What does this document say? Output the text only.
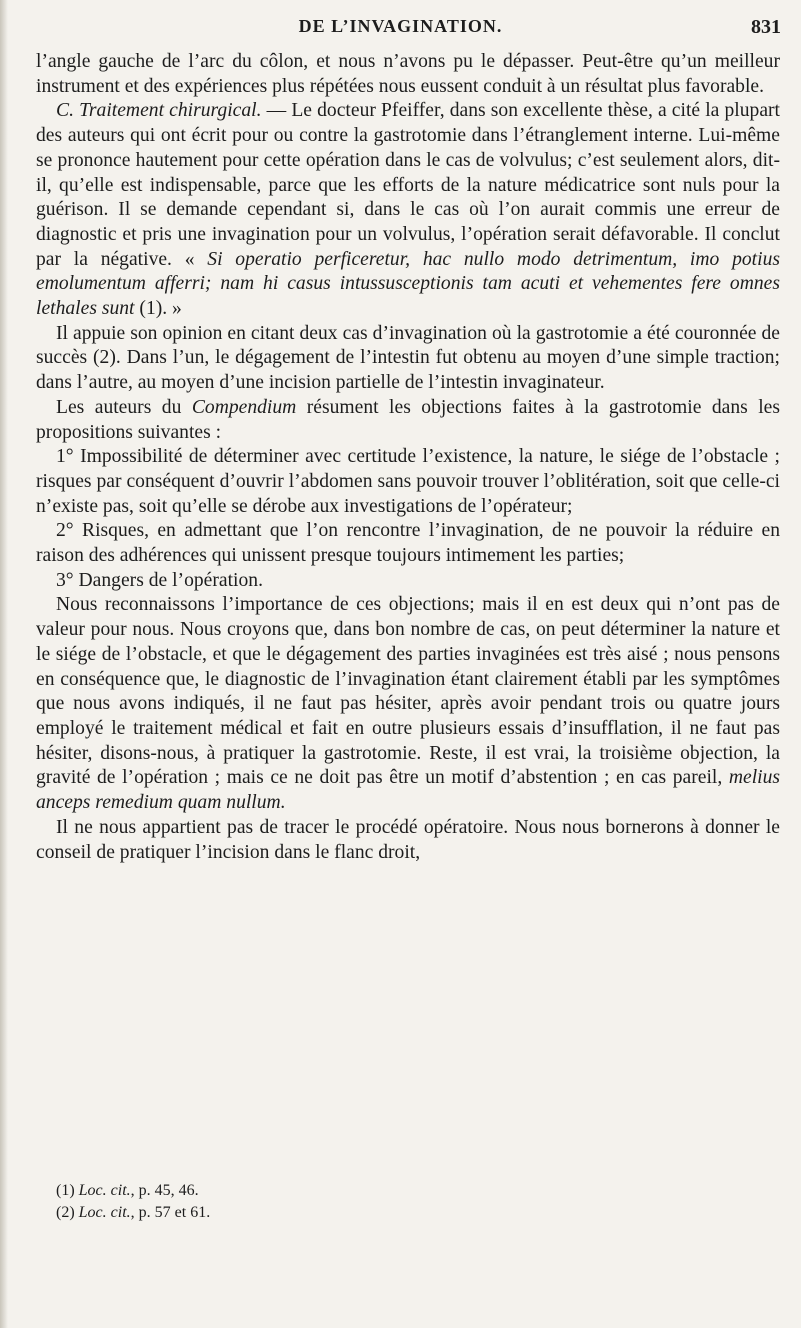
DE L’INVAGINATION.	831

l’angle gauche de l’arc du côlon, et nous n’avons pu le dépasser. Peut-être qu’un meilleur instrument et des expériences plus répétées nous eussent conduit à un résultat plus favorable.

C. Traitement chirurgical. — Le docteur Pfeiffer, dans son excellente thèse, a cité la plupart des auteurs qui ont écrit pour ou contre la gastrotomie dans l’étranglement interne. Lui-même se prononce hautement pour cette opération dans le cas de volvulus; c’est seulement alors, dit-il, qu’elle est indispensable, parce que les efforts de la nature médicatrice sont nuls pour la guérison. Il se demande cependant si, dans le cas où l’on aurait commis une erreur de diagnostic et pris une invagination pour un volvulus, l’opération serait défavorable. Il conclut par la négative. « Si operatio perficeretur, hac nullo modo detrimentum, imo potius emolumentum afferri; nam hi casus intussusceptionis tam acuti et vehementes fere omnes lethales sunt (1). »

Il appuie son opinion en citant deux cas d’invagination où la gastrotomie a été couronnée de succès (2). Dans l’un, le dégagement de l’intestin fut obtenu au moyen d’une simple traction; dans l’autre, au moyen d’une incision partielle de l’intestin invaginateur.

Les auteurs du Compendium résument les objections faites à la gastrotomie dans les propositions suivantes :

1° Impossibilité de déterminer avec certitude l’existence, la nature, le siége de l’obstacle ; risques par conséquent d’ouvrir l’abdomen sans pouvoir trouver l’oblitération, soit que celle-ci n’existe pas, soit qu’elle se dérobe aux investigations de l’opérateur;

2° Risques, en admettant que l’on rencontre l’invagination, de ne pouvoir la réduire en raison des adhérences qui unissent presque toujours intimement les parties;

3° Dangers de l’opération.

Nous reconnaissons l’importance de ces objections; mais il en est deux qui n’ont pas de valeur pour nous. Nous croyons que, dans bon nombre de cas, on peut déterminer la nature et le siége de l’obstacle, et que le dégagement des parties invaginées est très aisé ; nous pensons en conséquence que, le diagnostic de l’invagination étant clairement établi par les symptômes que nous avons indiqués, il ne faut pas hésiter, après avoir pendant trois ou quatre jours employé le traitement médical et fait en outre plusieurs essais d’insufflation, il ne faut pas hésiter, disons-nous, à pratiquer la gastrotomie. Reste, il est vrai, la troisième objection, la gravité de l’opération ; mais ce ne doit pas être un motif d’abstention ; en cas pareil, melius anceps remedium quam nullum.

Il ne nous appartient pas de tracer le procédé opératoire. Nous nous bornerons à donner le conseil de pratiquer l’incision dans le flanc droit,

(1) Loc. cit., p. 45, 46.
(2) Loc. cit., p. 57 et 61.
